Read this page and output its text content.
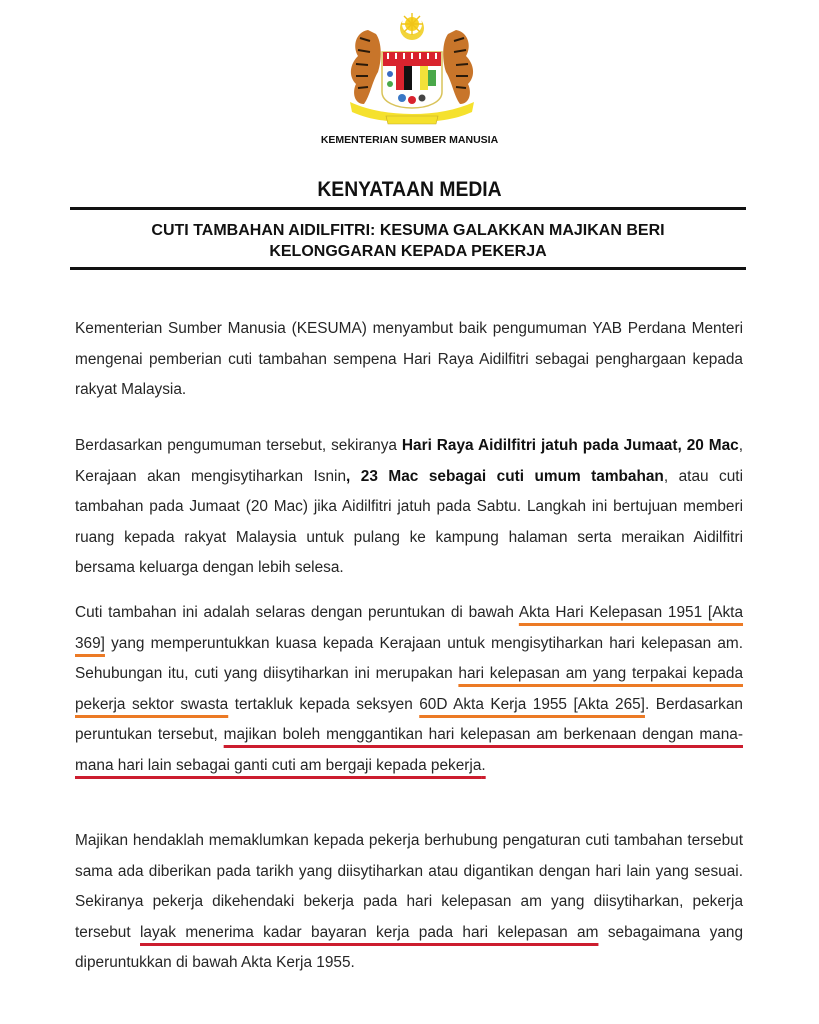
KEMENTERIAN SUMBER MANUSIA
KENYATAAN MEDIA
CUTI TAMBAHAN AIDILFITRI: KESUMA GALAKKAN MAJIKAN BERI
KELONGGARAN KEPADA PEKERJA
Kementerian Sumber Manusia (KESUMA) menyambut baik pengumuman YAB Perdana Menteri mengenai pemberian cuti tambahan sempena Hari Raya Aidilfitri sebagai penghargaan kepada rakyat Malaysia.
Berdasarkan pengumuman tersebut, sekiranya Hari Raya Aidilfitri jatuh pada Jumaat, 20 Mac, Kerajaan akan mengisytiharkan Isnin, 23 Mac sebagai cuti umum tambahan, atau cuti tambahan pada Jumaat (20 Mac) jika Aidilfitri jatuh pada Sabtu. Langkah ini bertujuan memberi ruang kepada rakyat Malaysia untuk pulang ke kampung halaman serta meraikan Aidilfitri bersama keluarga dengan lebih selesa.
Cuti tambahan ini adalah selaras dengan peruntukan di bawah Akta Hari Kelepasan 1951 [Akta 369] yang memperuntukkan kuasa kepada Kerajaan untuk mengisytiharkan hari kelepasan am. Sehubungan itu, cuti yang diisytiharkan ini merupakan hari kelepasan am yang terpakai kepada pekerja sektor swasta tertakluk kepada seksyen 60D Akta Kerja 1955 [Akta 265]. Berdasarkan peruntukan tersebut, majikan boleh menggantikan hari kelepasan am berkenaan dengan mana-mana hari lain sebagai ganti cuti am bergaji kepada pekerja.
Majikan hendaklah memaklumkan kepada pekerja berhubung pengaturan cuti tambahan tersebut sama ada diberikan pada tarikh yang diisytiharkan atau digantikan dengan hari lain yang sesuai. Sekiranya pekerja dikehendaki bekerja pada hari kelepasan am yang diisytiharkan, pekerja tersebut layak menerima kadar bayaran kerja pada hari kelepasan am sebagaimana yang diperuntukkan di bawah Akta Kerja 1955.
